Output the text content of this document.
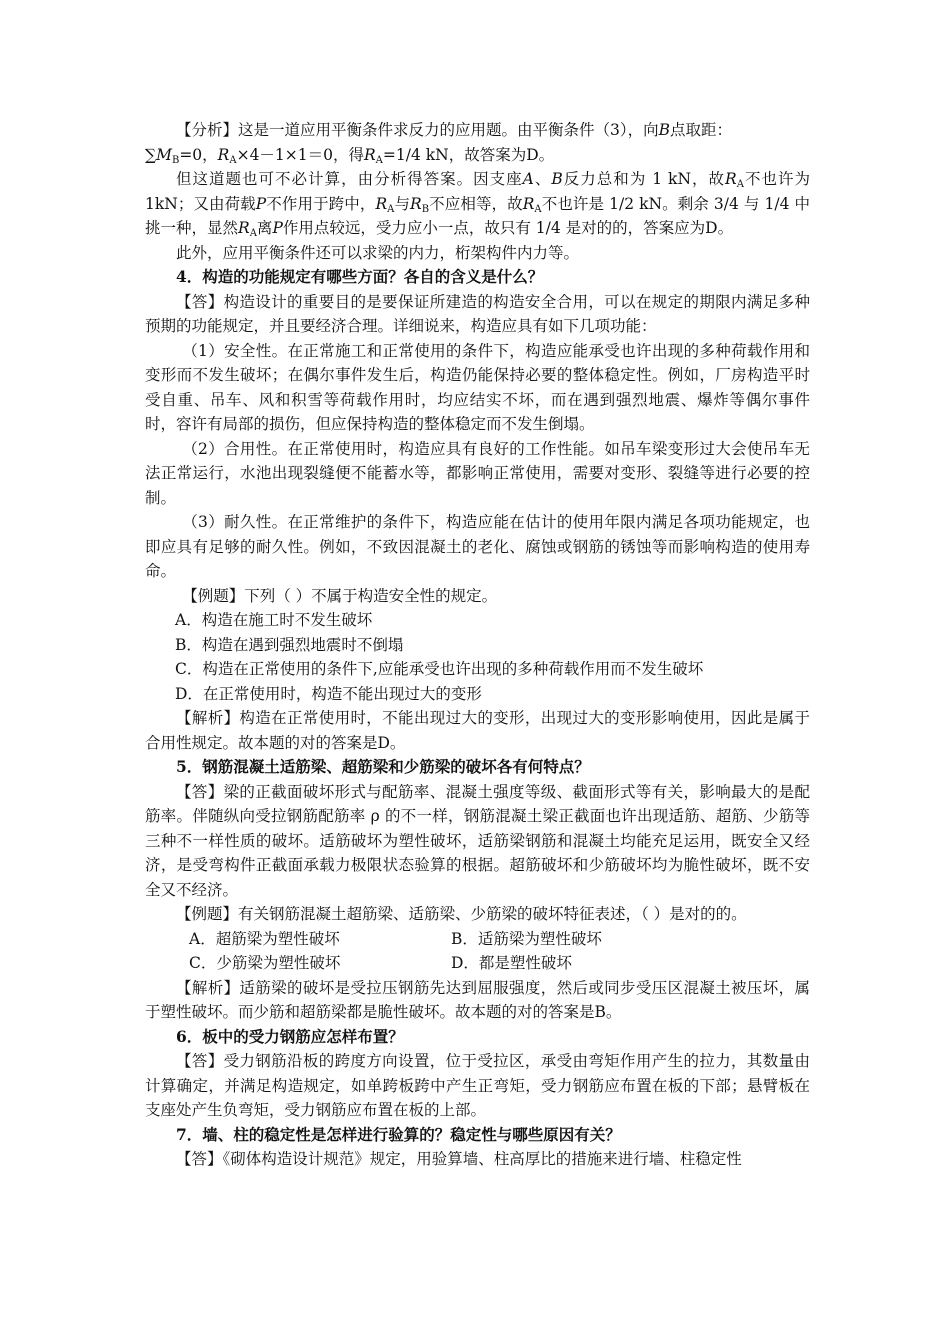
【分析】这是一道应用平衡条件求反力的应用题。由平衡条件（3），向B点取距：
$\sum M_B=0$，$R_A\times 4-1\times 1=0$，得$R_A=1/4$ kN，故答案为D。

但这道题也可不必计算，由分析得答案。因支座A、B反力总和为 1 kN，故$R_A$不也许为 1kN；又由荷载P不作用于跨中，$R_A$与$R_B$不应相等，故$R_A$不也许是 1/2 kN。剩余 3/4 与 1/4 中挑一种，显然$R_A$离P作用点较远，受力应小一点，故只有 1/4 是对的的，答案应为D。

此外，应用平衡条件还可以求梁的内力，桁架构件内力等。

4．构造的功能规定有哪些方面？各自的含义是什么？

【答】构造设计的重要目的是要保证所建造的构造安全合用，可以在规定的期限内满足多种预期的功能规定，并且要经济合理。详细说来，构造应具有如下几项功能：

（1）安全性。在正常施工和正常使用的条件下，构造应能承受也许出现的多种荷载作用和变形而不发生破坏；在偶尔事件发生后，构造仍能保持必要的整体稳定性。例如，厂房构造平时受自重、吊车、风和积雪等荷载作用时，均应结实不坏，而在遇到强烈地震、爆炸等偶尔事件时，容许有局部的损伤，但应保持构造的整体稳定而不发生倒塌。

（2）合用性。在正常使用时，构造应具有良好的工作性能。如吊车梁变形过大会使吊车无法正常运行，水池出现裂缝便不能蓄水等，都影响正常使用，需要对变形、裂缝等进行必要的控制。

（3）耐久性。在正常维护的条件下，构造应能在估计的使用年限内满足各项功能规定，也即应具有足够的耐久性。例如，不致因混凝土的老化、腐蚀或钢筋的锈蚀等而影响构造的使用寿命。

【例题】下列（ ）不属于构造安全性的规定。

A．构造在施工时不发生破坏

B．构造在遇到强烈地震时不倒塌

C．构造在正常使用的条件下,应能承受也许出现的多种荷载作用而不发生破坏

D．在正常使用时，构造不能出现过大的变形

【解析】构造在正常使用时，不能出现过大的变形，出现过大的变形影响使用，因此是属于合用性规定。故本题的对的答案是D。

5．钢筋混凝土适筋梁、超筋梁和少筋梁的破坏各有何特点？

【答】梁的正截面破坏形式与配筋率、混凝土强度等级、截面形式等有关，影响最大的是配筋率。伴随纵向受拉钢筋配筋率 ρ 的不一样，钢筋混凝土梁正截面也许出现适筋、超筋、少筋等三种不一样性质的破坏。适筋破坏为塑性破坏，适筋梁钢筋和混凝土均能充足运用，既安全又经济，是受弯构件正截面承载力极限状态验算的根据。超筋破坏和少筋破坏均为脆性破坏，既不安全又不经济。

【例题】有关钢筋混凝土超筋梁、适筋梁、少筋梁的破坏特征表述，（ ）是对的的。

A．超筋梁为塑性破坏	B．适筋梁为塑性破坏
C．少筋梁为塑性破坏	D．都是塑性破坏

【解析】适筋梁的破坏是受拉压钢筋先达到屈服强度，然后或同步受压区混凝土被压坏，属于塑性破坏。而少筋和超筋梁都是脆性破坏。故本题的对的答案是B。

6．板中的受力钢筋应怎样布置？

【答】受力钢筋沿板的跨度方向设置，位于受拉区，承受由弯矩作用产生的拉力，其数量由计算确定，并满足构造规定，如单跨板跨中产生正弯矩，受力钢筋应布置在板的下部；悬臂板在支座处产生负弯矩，受力钢筋应布置在板的上部。

7．墙、柱的稳定性是怎样进行验算的？稳定性与哪些原因有关？

【答】《砌体构造设计规范》规定，用验算墙、柱高厚比的措施来进行墙、柱稳定性
